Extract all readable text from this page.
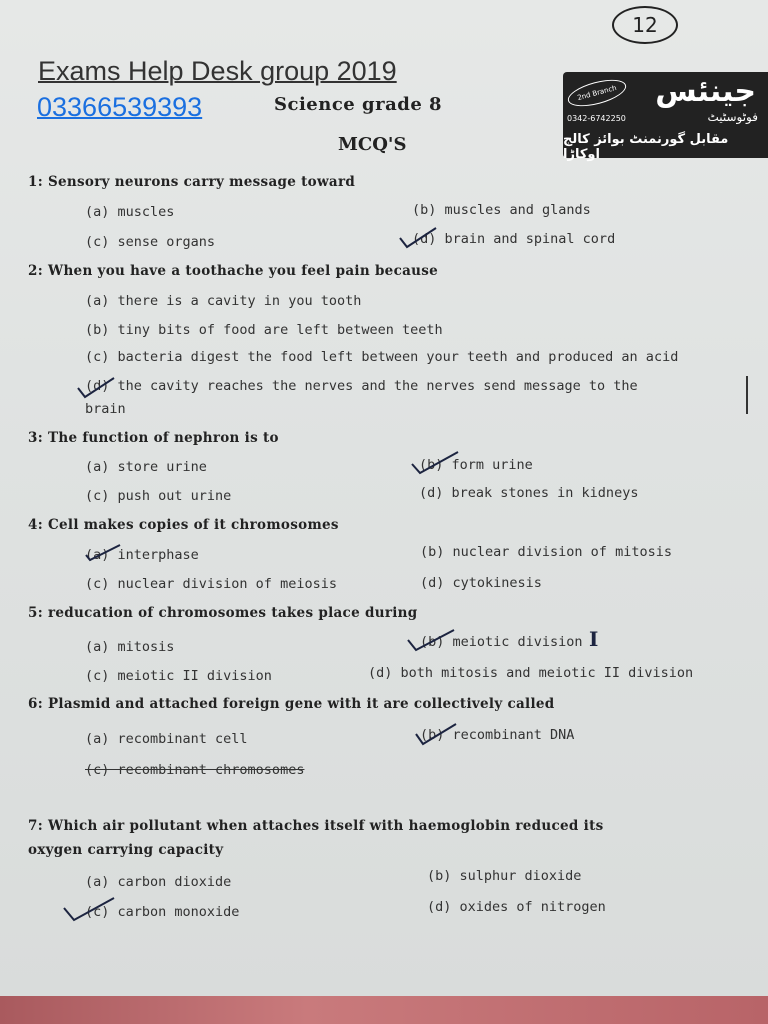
12
Exams Help Desk group 2019
03366539393	Science grade 8
MCQ'S
2nd Branch	جینئس
فوٹوسٹیٹ
0342-6742250
مقابل گورنمنٹ بوائز کالج اوکاڑا
1: Sensory neurons carry message toward
(a) muscles	(b) muscles and glands
(c) sense organs	(d) brain and spinal cord
2: When you have a toothache you feel pain because
(a) there is a cavity in you tooth
(b) tiny bits of food are left between teeth
(c) bacteria digest the food left between your teeth and produced an acid
(d) the cavity reaches the nerves and the nerves send message to the
brain
3: The function of nephron is to
(a) store urine	(b) form urine
(c) push out urine	(d) break stones in kidneys
4: Cell makes copies of it chromosomes
(a) interphase	(b) nuclear division of mitosis
(c) nuclear division of meiosis	(d) cytokinesis
5: reducation of chromosomes takes place during
(a) mitosis	(b) meiotic division I
(c) meiotic II division	(d) both mitosis and meiotic II division
6: Plasmid and attached foreign gene with it are collectively called
(a) recombinant cell	(b) recombinant DNA
(c) recombinant chromosomes
7: Which air pollutant when attaches itself with haemoglobin reduced its
oxygen carrying capacity
(a) carbon dioxide	(b) sulphur dioxide
(c) carbon monoxide	(d) oxides of nitrogen
